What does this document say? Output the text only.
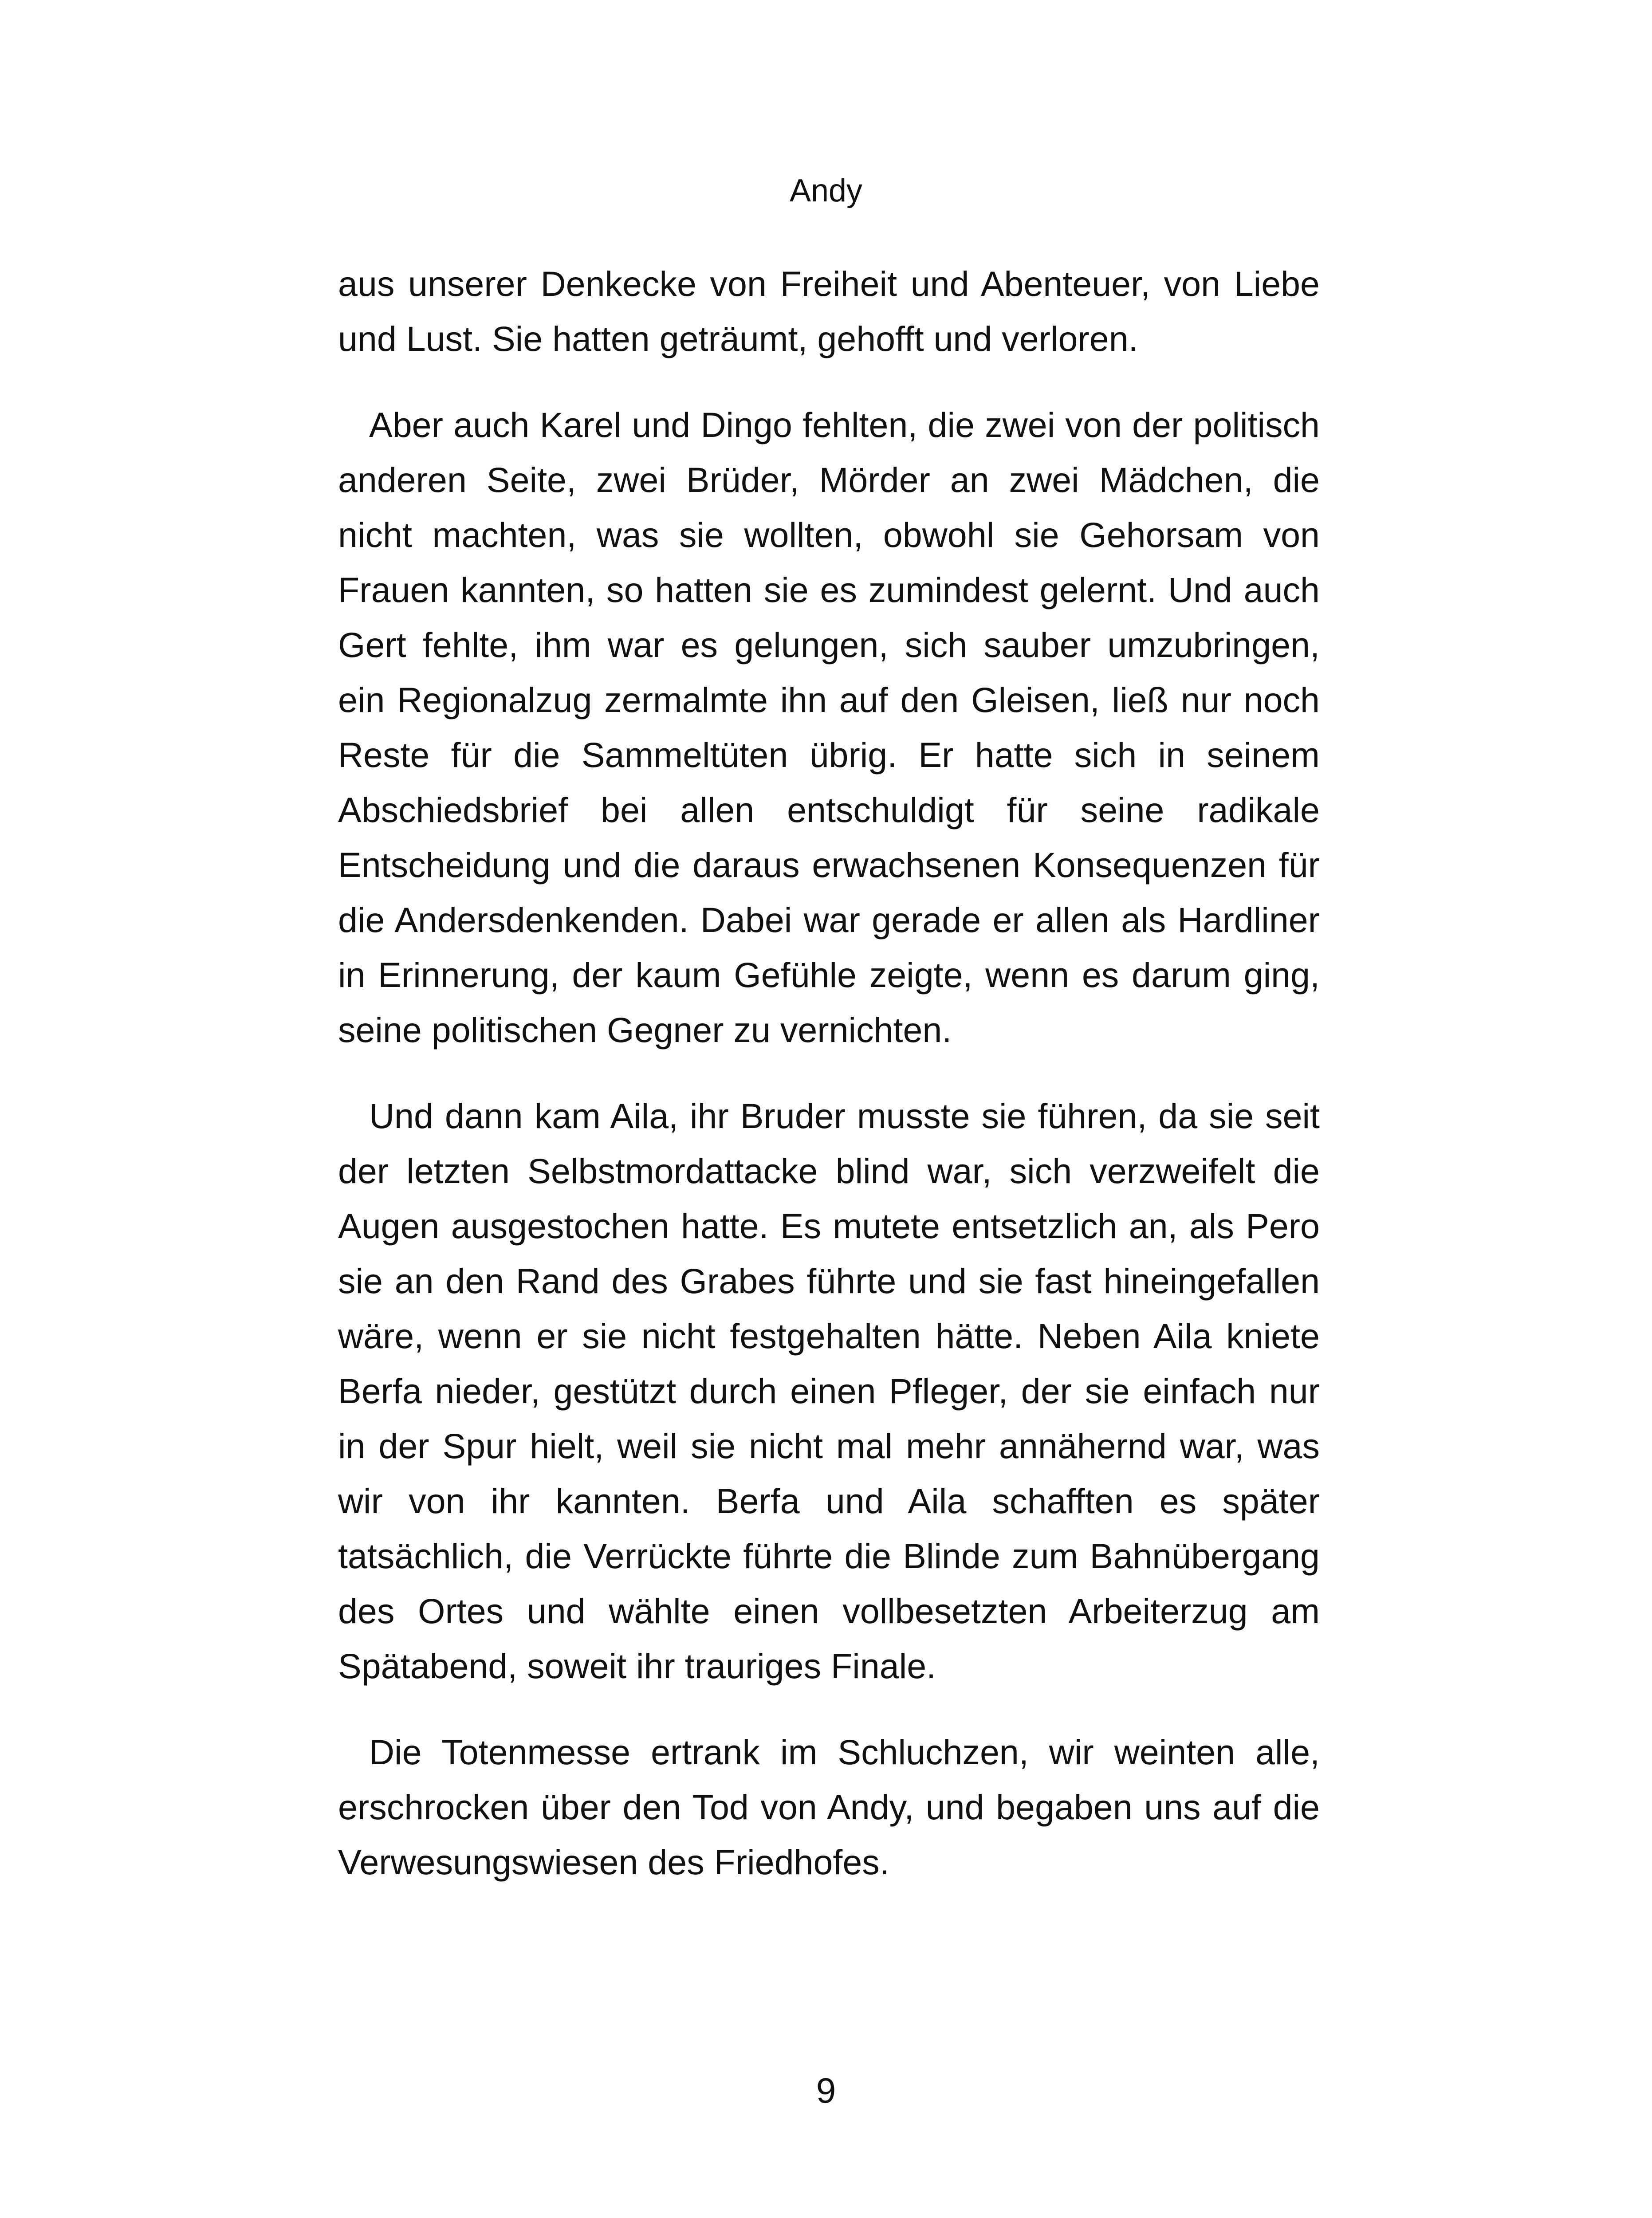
Andy

aus unserer Denkecke von Freiheit und Abenteuer, von Liebe und Lust. Sie hatten geträumt, gehofft und verloren.

Aber auch Karel und Dingo fehlten, die zwei von der politisch anderen Seite, zwei Brüder, Mörder an zwei Mädchen, die nicht machten, was sie wollten, obwohl sie Gehorsam von Frauen kannten, so hatten sie es zumindest gelernt. Und auch Gert fehlte, ihm war es gelungen, sich sauber umzubringen, ein Regionalzug zermalmte ihn auf den Gleisen, ließ nur noch Reste für die Sammeltüten übrig. Er hatte sich in seinem Abschiedsbrief bei allen entschuldigt für seine radikale Entscheidung und die daraus erwachsenen Konsequenzen für die Andersdenkenden. Dabei war gerade er allen als Hardliner in Erinnerung, der kaum Gefühle zeigte, wenn es darum ging, seine politischen Gegner zu vernichten.

Und dann kam Aila, ihr Bruder musste sie führen, da sie seit der letzten Selbstmordattacke blind war, sich verzweifelt die Augen ausgestochen hatte. Es mutete entsetzlich an, als Pero sie an den Rand des Grabes führte und sie fast hineingefallen wäre, wenn er sie nicht festgehalten hätte. Neben Aila kniete Berfa nieder, gestützt durch einen Pfleger, der sie einfach nur in der Spur hielt, weil sie nicht mal mehr annähernd war, was wir von ihr kannten. Berfa und Aila schafften es später tatsächlich, die Verrückte führte die Blinde zum Bahnübergang des Ortes und wählte einen vollbesetzten Arbeiterzug am Spätabend, soweit ihr trauriges Finale.

Die Totenmesse ertrank im Schluchzen, wir weinten alle, erschrocken über den Tod von Andy, und begaben uns auf die Verwesungswiesen des Friedhofes.

9
